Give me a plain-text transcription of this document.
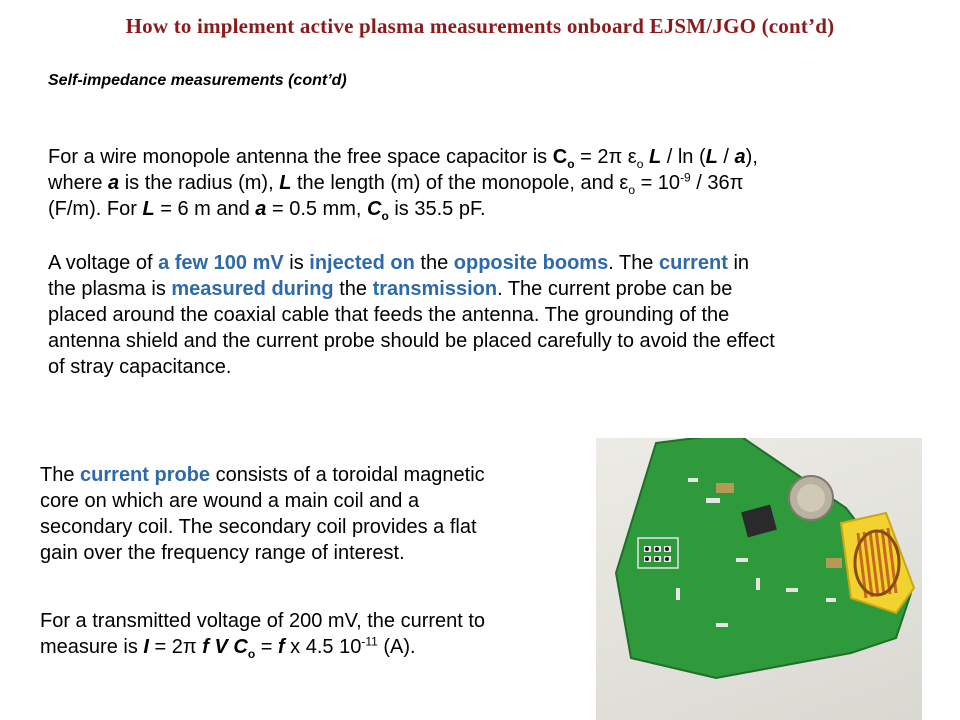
How to implement active plasma measurements onboard EJSM/JGO (cont’d)
Self-impedance measurements (cont’d)
For a wire monopole antenna the free space capacitor is $C_o = 2\pi$ $\varepsilon_o$ L / ln (L / a),
where a is the radius (m), L the length (m) of the monopole, and $\varepsilon_o = 10^{-9} / 36\pi$
(F/m). For L = 6 m and a = 0.5 mm, $C_o$ is 35.5 pF.
A voltage of a few 100 mV is injected on the opposite booms. The current in
the plasma is measured during the transmission. The current probe can be
placed around the coaxial cable that feeds the antenna. The grounding of the
antenna shield and the current probe should be placed carefully to avoid the effect
of stray capacitance.
The current probe consists of a toroidal magnetic
core on which are wound a main coil and a
secondary coil. The secondary coil provides a flat
gain over the frequency range of interest.
For a transmitted voltage of 200 mV, the current to
measure is I = 2π f V $C_o = f$ x 4.5 $10^{-11}$ (A).
